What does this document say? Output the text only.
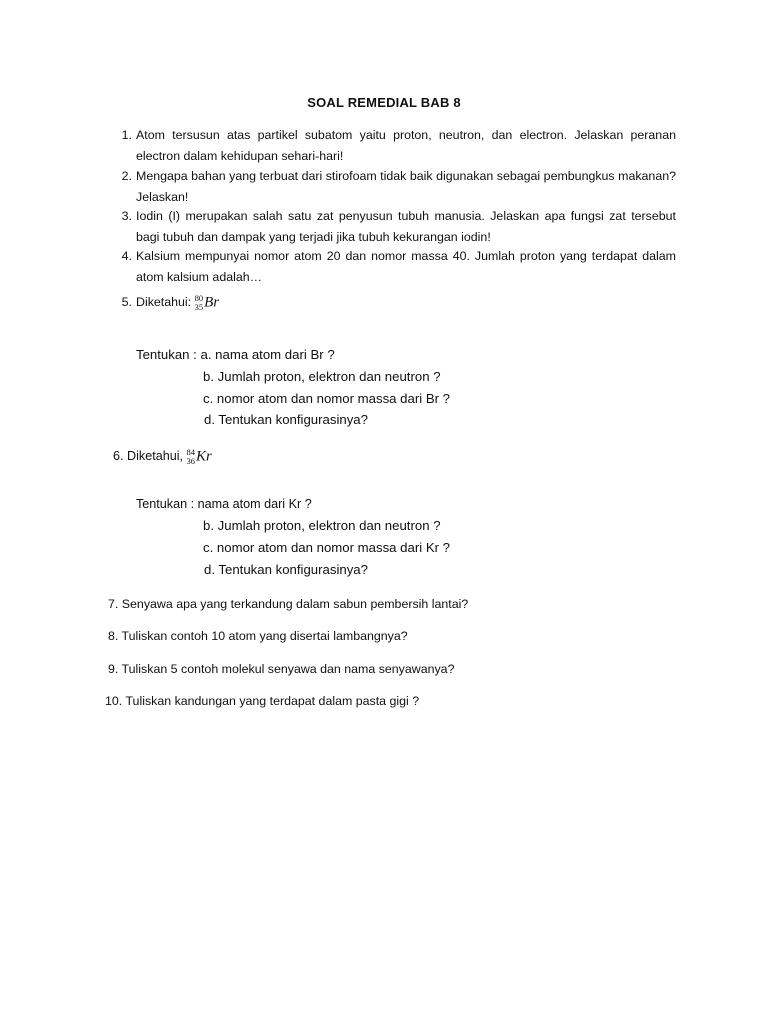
SOAL REMEDIAL BAB 8
1. Atom tersusun atas partikel subatom yaitu proton, neutron, dan electron. Jelaskan peranan electron dalam kehidupan sehari-hari!
2. Mengapa bahan yang terbuat dari stirofoam tidak baik digunakan sebagai pembungkus makanan? Jelaskan!
3. Iodin (I) merupakan salah satu zat penyusun tubuh manusia. Jelaskan apa fungsi zat tersebut bagi tubuh dan dampak yang terjadi jika tubuh kekurangan iodin!
4. Kalsium mempunyai nomor atom 20 dan nomor massa 40. Jumlah proton yang terdapat dalam atom kalsium adalah…
5. Diketahui: 80
35 Br
Tentukan : a. nama atom dari Br ?
b. Jumlah proton, elektron dan neutron ?
c. nomor atom dan nomor massa dari Br ?
d. Tentukan konfigurasinya?
6. Diketahui, 84
36 Kr
Tentukan : nama atom dari Kr ?
b. Jumlah proton, elektron dan neutron ?
c. nomor atom dan nomor massa dari Kr ?
d. Tentukan konfigurasinya?
7. Senyawa apa yang terkandung dalam sabun pembersih lantai?
8. Tuliskan contoh 10 atom yang disertai lambangnya?
9. Tuliskan 5 contoh molekul senyawa dan nama senyawanya?
10. Tuliskan kandungan yang terdapat dalam pasta gigi ?
